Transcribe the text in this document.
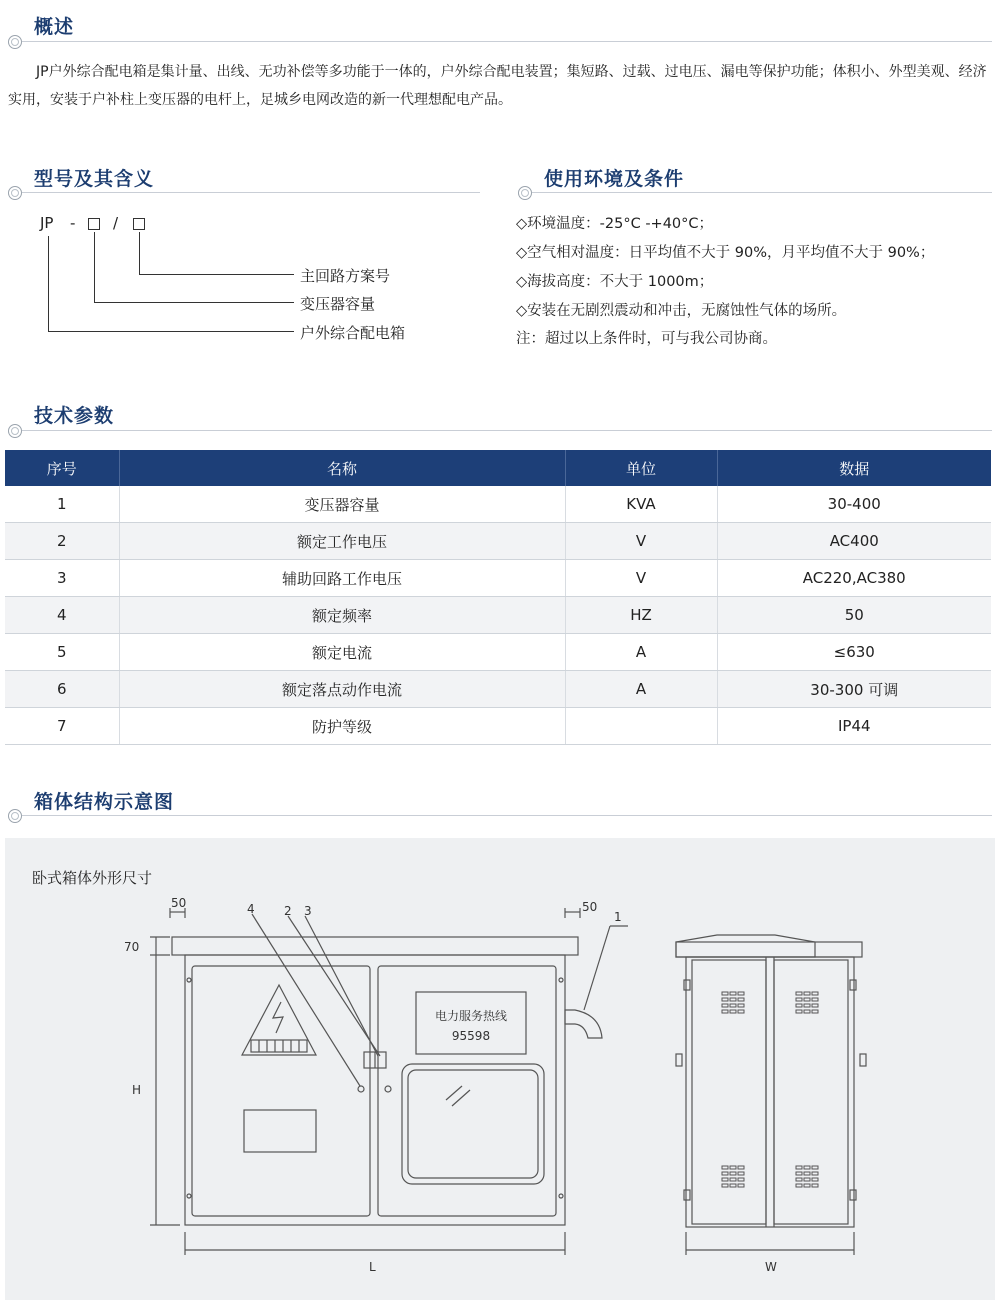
概述
JP户外综合配电箱是集计量、出线、无功补偿等多功能于一体的，户外综合配电装置；集短路、过载、过电压、漏电等保护功能；体积小、外型美观、经济实用，安装于户补柱上变压器的电杆上，足城乡电网改造的新一代理想配电产品。
型号及其含义
JP -	/
主回路方案号
变压器容量
户外综合配电箱
使用环境及条件
◇环境温度：-25°C -+40°C；
◇空气相对温度：日平均值不大于 90%，月平均值不大于 90%；
◇海拔高度：不大于 1000m；
◇安装在无剧烈震动和冲击，无腐蚀性气体的场所。
注：超过以上条件时，可与我公司协商。
技术参数
序号	名称	单位	数据
1	变压器容量	KVA	30-400
2	额定工作电压	V	AC400
3	辅助回路工作电压	V	AC220,AC380
4	额定频率	HZ	50
5	额定电流	A	≤630
6	额定落点动作电流	A	30-300 可调
7	防护等级		IP44
箱体结构示意图
卧式箱体外形尺寸
50	50
70
H
L	W
4 2 3	1
电力服务热线
95598
